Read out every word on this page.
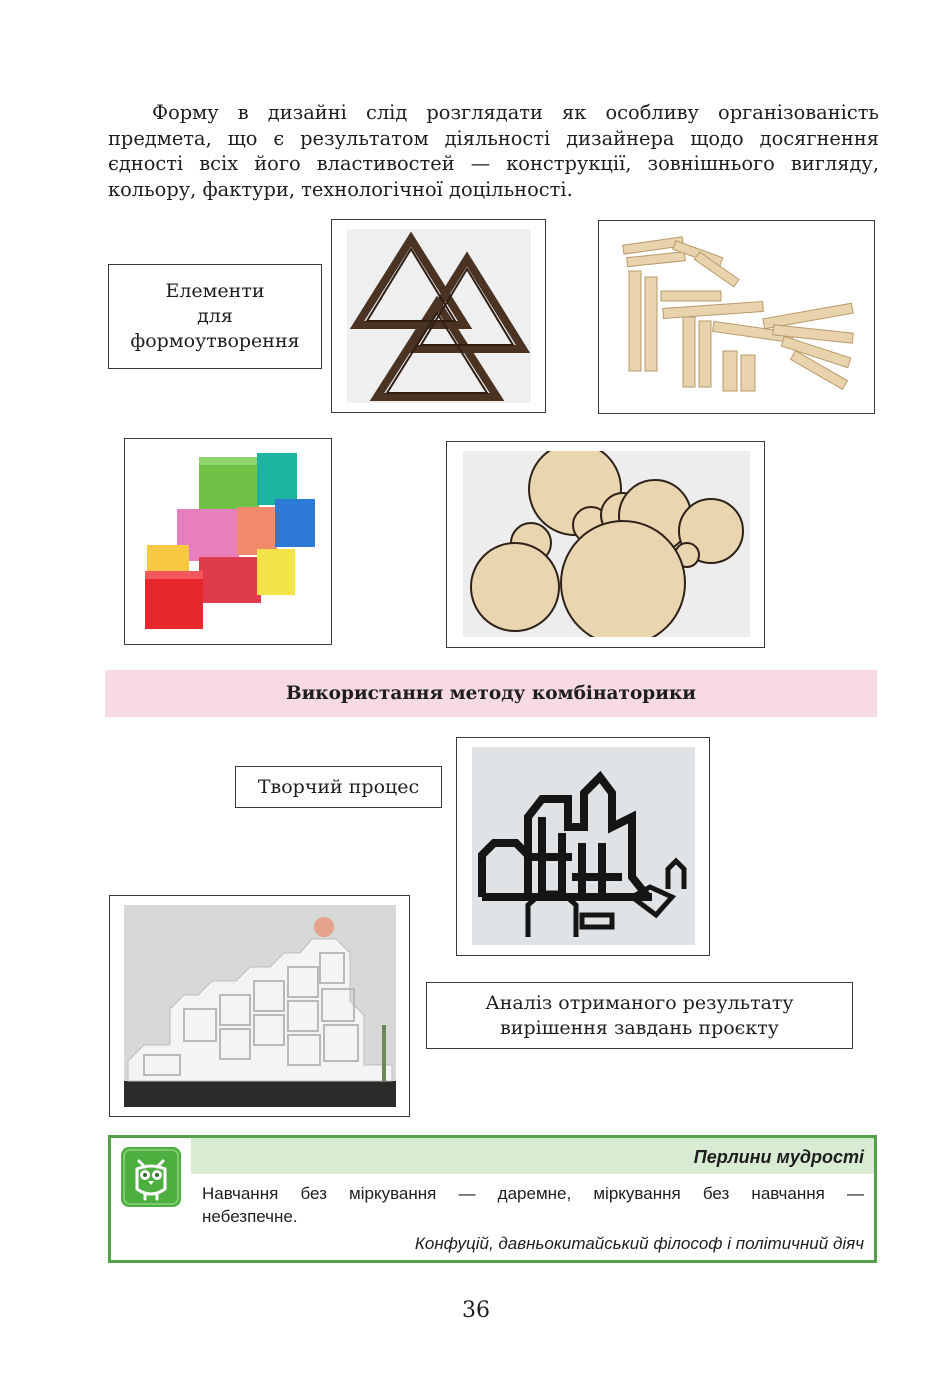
Форму в дизайні слід розглядати як особливу організованість предмета, що є результатом діяльності дизайнера щодо досягнення єдності всіх його властивостей — конструкції, зовнішнього вигляду, кольору, фактури, технологічної доцільності.

Елементи
для
формоутворення
Використання методу комбінаторики
Творчий процес
Аналіз отриманого результату
вирішення завдань проєкту
Перлини мудрості
Навчання без міркування — даремне, міркування без навчання — небезпечне.
Конфуцій, давньокитайський філософ і політичний діяч
36
